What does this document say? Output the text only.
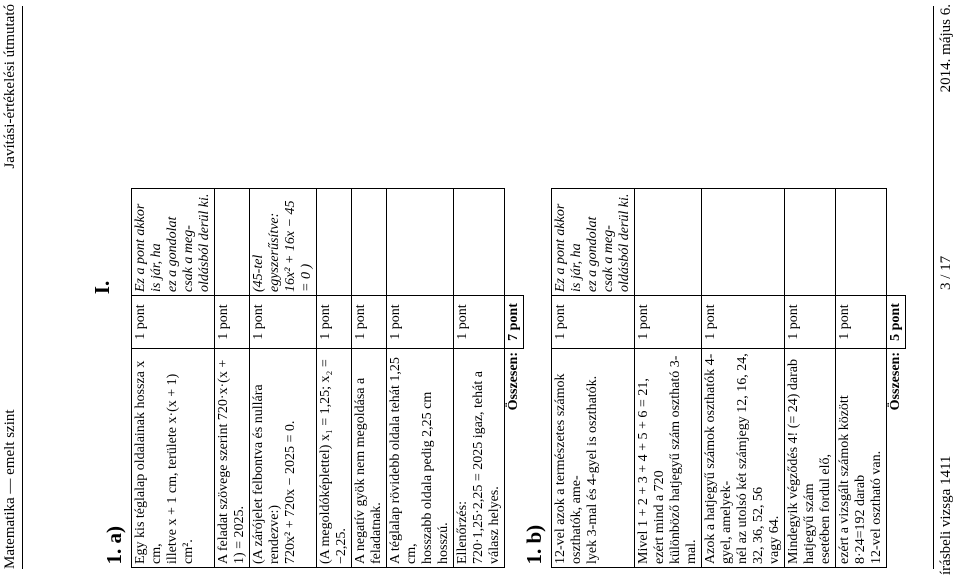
Matematika — emelt szint
Javítási-értékelési útmutató
I.
1. a)		

Egy kis téglalap oldalainak hossza x cm, illetve x + 1 cm, területe x·(x + 1) cm².	1 pont	Ez a pont akkor is jár, ha ez a gondolat csak a meg- oldásból derül ki.

A feladat szövege szerint 720·x·(x + 1) = 2025.	1 pont	

(A zárójelet felbontva és nullára rendezve:) 720x² + 720x − 2025 = 0.	1 pont	(45-tel egyszerűsítve: 16x² + 16x − 45 = 0 )

(A megoldóképlettel) x₁ = 1,25; x₂ = −2,25.	1 pont	

A negatív gyök nem megoldása a feladatnak.	1 pont	

A téglalap rövidebb oldala tehát 1,25 cm, hosszabb oldala pedig 2,25 cm hosszú.	1 pont	

Ellenőrzés: 720·1,25·2,25 = 2025 igaz, tehát a válasz helyes.	1 pont	
Összesen:	7 pont	
1. b)		

12-vel azok a természetes számok oszthatók, ame- lyek 3-mal és 4-gyel is oszthatók.	1 pont	Ez a pont akkor is jár, ha ez a gondolat csak a meg- oldásból derül ki.

Mivel 1 + 2 + 3 + 4 + 5 + 6 = 21, ezért mind a 720 különböző hatjegyű szám osztható 3-mal.	1 pont	

Azok a hatjegyű számok oszthatók 4-gyel, amelyek- nél az utolsó két számjegy 12, 16, 24, 32, 36, 52, 56 vagy 64.	1 pont	

Mindegyik végződés 4! (= 24) darab hatjegyű szám esetében fordul elő,	1 pont	

ezért a vizsgált számok között 8·24=192 darab 12-vel osztható van.	1 pont	
Összesen:	5 pont	
írásbeli vizsga 1411
3 / 17
2014. május 6.
